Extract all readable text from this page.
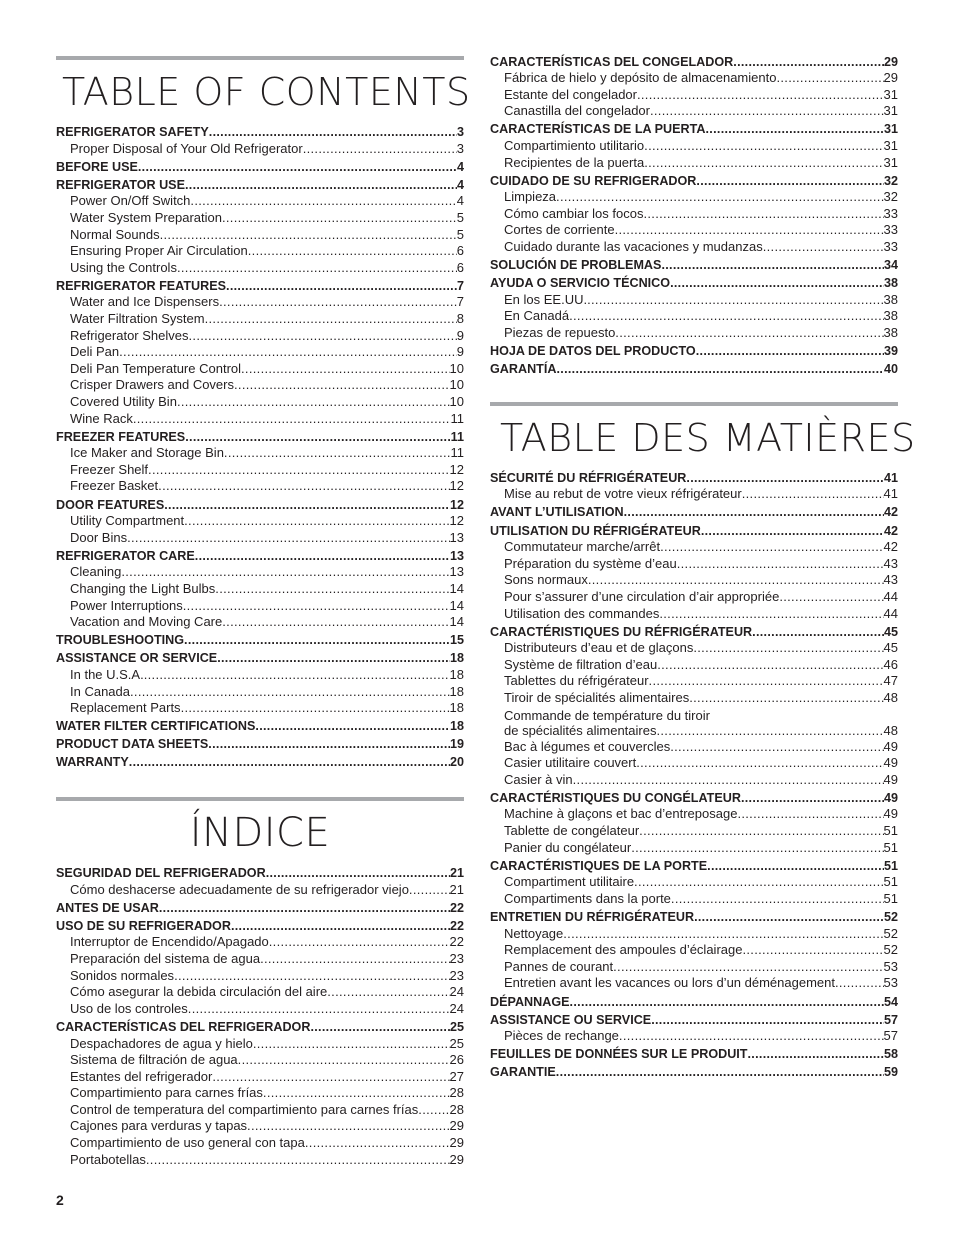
TABLE OF CONTENTS
REFRIGERATOR SAFETY .....	3
Proper Disposal of Your Old Refrigerator .....	3
BEFORE USE .....	4
REFRIGERATOR USE .....	4
Power On/Off Switch .....	4
Water System Preparation .....	5
Normal Sounds .....	5
Ensuring Proper Air Circulation .....	6
Using the Controls .....	6
REFRIGERATOR FEATURES .....	7
Water and Ice Dispensers .....	7
Water Filtration System .....	8
Refrigerator Shelves .....	9
Deli Pan .....	9
Deli Pan Temperature Control .....	10
Crisper Drawers and Covers .....	10
Covered Utility Bin .....	10
Wine Rack .....	11
FREEZER FEATURES .....	11
Ice Maker and Storage Bin .....	11
Freezer Shelf .....	12
Freezer Basket .....	12
DOOR FEATURES .....	12
Utility Compartment .....	12
Door Bins .....	13
REFRIGERATOR CARE .....	13
Cleaning .....	13
Changing the Light Bulbs .....	14
Power Interruptions .....	14
Vacation and Moving Care .....	14
TROUBLESHOOTING .....	15
ASSISTANCE OR SERVICE .....	18
In the U.S.A. .....	18
In Canada .....	18
Replacement Parts .....	18
WATER FILTER CERTIFICATIONS .....	18
PRODUCT DATA SHEETS .....	19
WARRANTY .....	20
ÍNDICE
SEGURIDAD DEL REFRIGERADOR .....	21
Cómo deshacerse adecuadamente de su refrigerador viejo .....	21
ANTES DE USAR .....	22
USO DE SU REFRIGERADOR .....	22
Interruptor de Encendido/Apagado .....	22
Preparación del sistema de agua .....	23
Sonidos normales .....	23
Cómo asegurar la debida circulación del aire .....	24
Uso de los controles .....	24
CARACTERÍSTICAS DEL REFRIGERADOR .....	25
Despachadores de agua y hielo .....	25
Sistema de filtración de agua .....	26
Estantes del refrigerador .....	27
Compartimiento para carnes frías .....	28
Control de temperatura del compartimiento para carnes frías ..... 28
Cajones para verduras y tapas .....	29
Compartimiento de uso general con tapa .....	29
Portabotellas .....	29
CARACTERÍSTICAS DEL CONGELADOR .....	29
Fábrica de hielo y depósito de almacenamiento .....	29
Estante del congelador .....	31
Canastilla del congelador .....	31
CARACTERÍSTICAS DE LA PUERTA .....	31
Compartimiento utilitario .....	31
Recipientes de la puerta .....	31
CUIDADO DE SU REFRIGERADOR .....	32
Limpieza .....	32
Cómo cambiar los focos .....	33
Cortes de corriente .....	33
Cuidado durante las vacaciones y mudanzas .....	33
SOLUCIÓN DE PROBLEMAS .....	34
AYUDA O SERVICIO TÉCNICO .....	38
En los EE.UU. .....	38
En Canadá .....	38
Piezas de repuesto .....	38
HOJA DE DATOS DEL PRODUCTO .....	39
GARANTÍA .....	40
TABLE DES MATIÈRES
SÉCURITÉ DU RÉFRIGÉRATEUR .....	41
Mise au rebut de votre vieux réfrigérateur .....	41
AVANT L’UTILISATION .....	42
UTILISATION DU RÉFRIGÉRATEUR .....	42
Commutateur marche/arrêt .....	42
Préparation du système d’eau .....	43
Sons normaux .....	43
Pour s’assurer d’une circulation d’air appropriée .....	44
Utilisation des commandes .....	44
CARACTÉRISTIQUES DU RÉFRIGÉRATEUR .....	45
Distributeurs d’eau et de glaçons .....	45
Système de filtration d’eau .....	46
Tablettes du réfrigérateur .....	47
Tiroir de spécialités alimentaires .....	48
Commande de température du tiroir
de spécialités alimentaires .....	48
Bac à légumes et couvercles .....	49
Casier utilitaire couvert .....	49
Casier à vin .....	49
CARACTÉRISTIQUES DU CONGÉLATEUR .....	49
Machine à glaçons et bac d’entreposage .....	49
Tablette de congélateur .....	51
Panier du congélateur .....	51
CARACTÉRISTIQUES DE LA PORTE .....	51
Compartiment utilitaire .....	51
Compartiments dans la porte .....	51
ENTRETIEN DU RÉFRIGÉRATEUR .....	52
Nettoyage .....	52
Remplacement des ampoules d’éclairage .....	52
Pannes de courant .....	53
Entretien avant les vacances ou lors d’un déménagement .....	53
DÉPANNAGE .....	54
ASSISTANCE OU SERVICE .....	57
Pièces de rechange .....	57
FEUILLES DE DONNÉES SUR LE PRODUIT .....	58
GARANTIE .....	59
2
